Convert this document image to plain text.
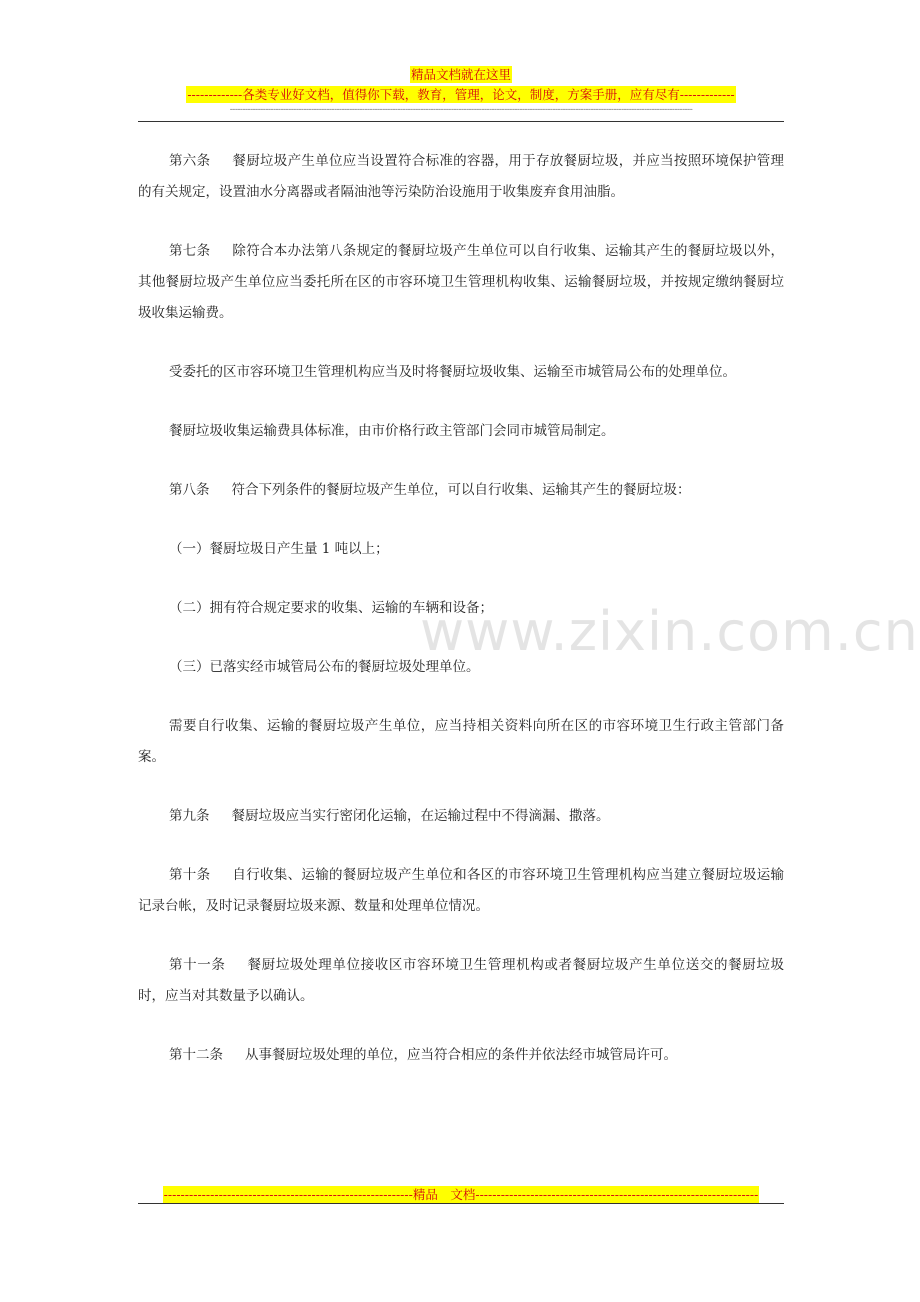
精品文档就在这里
-------------各类专业好文档，值得你下载，教育，管理，论文，制度，方案手册，应有尽有-------------
--------------------------------------------------------------------------------------------------------------------------------------------------------------------------------------
www.zixin.com.cn

第六条 餐厨垃圾产生单位应当设置符合标准的容器，用于存放餐厨垃圾，并应当按照环境保护管理的有关规定，设置油水分离器或者隔油池等污染防治设施用于收集废弃食用油脂。

第七条 除符合本办法第八条规定的餐厨垃圾产生单位可以自行收集、运输其产生的餐厨垃圾以外，其他餐厨垃圾产生单位应当委托所在区的市容环境卫生管理机构收集、运输餐厨垃圾，并按规定缴纳餐厨垃圾收集运输费。

受委托的区市容环境卫生管理机构应当及时将餐厨垃圾收集、运输至市城管局公布的处理单位。

餐厨垃圾收集运输费具体标准，由市价格行政主管部门会同市城管局制定。

第八条 符合下列条件的餐厨垃圾产生单位，可以自行收集、运输其产生的餐厨垃圾：

（一）餐厨垃圾日产生量 1 吨以上；

（二）拥有符合规定要求的收集、运输的车辆和设备；

（三）已落实经市城管局公布的餐厨垃圾处理单位。

需要自行收集、运输的餐厨垃圾产生单位，应当持相关资料向所在区的市容环境卫生行政主管部门备案。

第九条 餐厨垃圾应当实行密闭化运输，在运输过程中不得滴漏、撒落。

第十条 自行收集、运输的餐厨垃圾产生单位和各区的市容环境卫生管理机构应当建立餐厨垃圾运输记录台帐，及时记录餐厨垃圾来源、数量和处理单位情况。

第十一条 餐厨垃圾处理单位接收区市容环境卫生管理机构或者餐厨垃圾产生单位送交的餐厨垃圾时，应当对其数量予以确认。

第十二条 从事餐厨垃圾处理的单位，应当符合相应的条件并依法经市城管局许可。

-----------------------------------------------------------精品　文档-------------------------------------------------------------------
